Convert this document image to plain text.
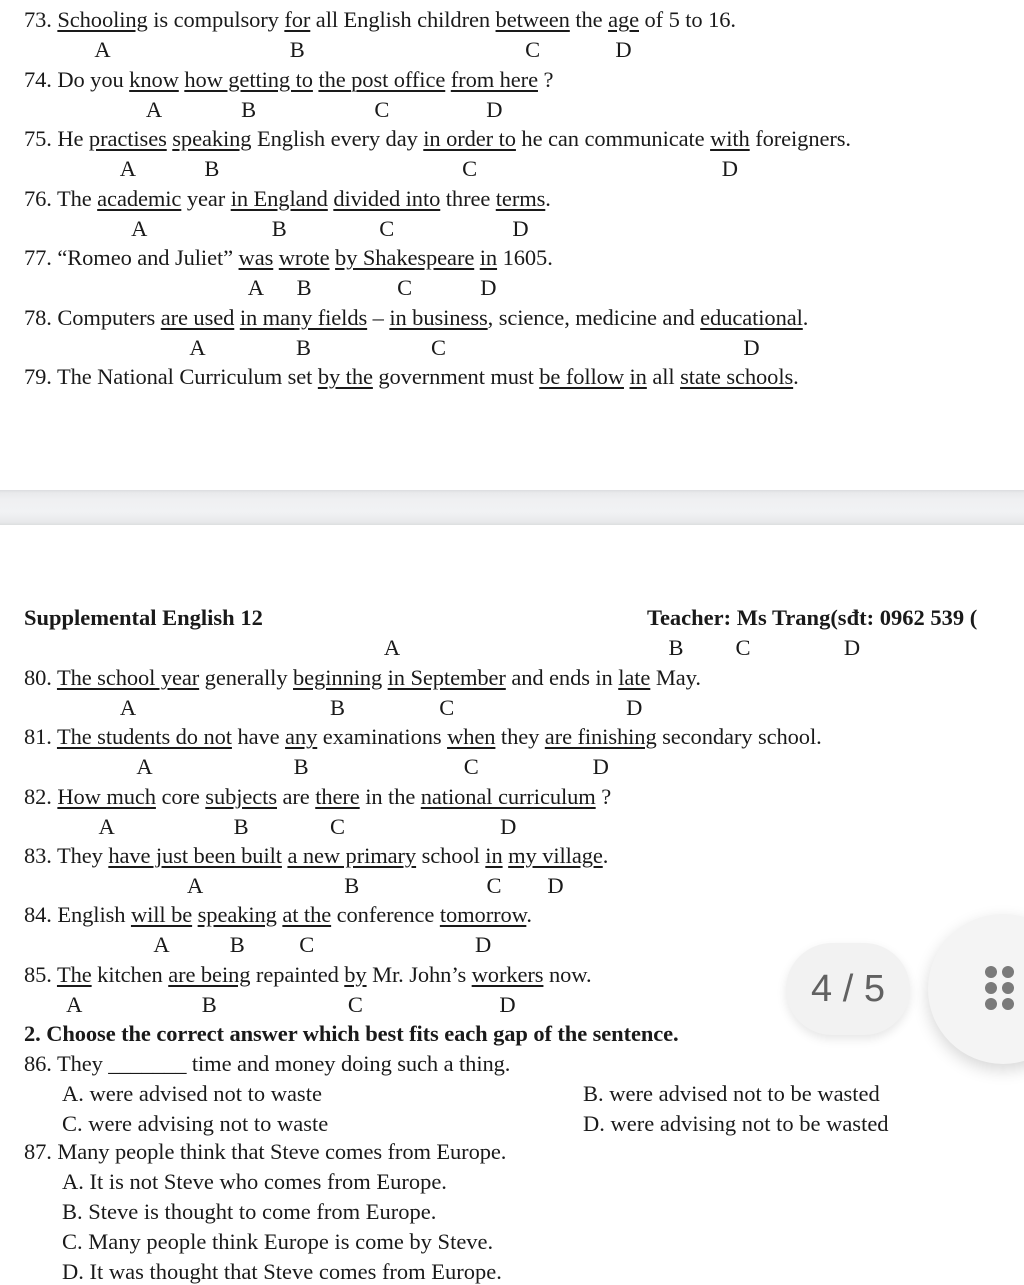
73. Schooling is compulsory for all English children between the age of 5 to 16.
A	B	C	D
74. Do you know how getting to the post office from here ?
A	B	C	D
75. He practises speaking English every day in order to he can communicate with foreigners.
A	B	C	D
76. The academic year in England divided into three terms.
A	B	C	D
77. “Romeo and Juliet” was wrote by Shakespeare in 1605.
A B	C	D
78. Computers are used in many fields – in business, science, medicine and educational.
A	B	C	D
79. The National Curriculum set by the government must be follow in all state schools.
Supplemental English 12	Teacher: Ms Trang(sđt: 0962 539 (
A	B C	D
2. Choose the correct answer which best fits each gap of the sentence.
86. They _______ time and money doing such a thing.
A. were advised not to waste	B. were advised not to be wasted
C. were advising not to waste	D. were advising not to be wasted
87. Many people think that Steve comes from Europe.
A. It is not Steve who comes from Europe.
B. Steve is thought to come from Europe.
C. Many people think Europe is come by Steve.
D. It was thought that Steve comes from Europe.
80. The school year generally beginning in September and ends in late May.
A	B	C	D
81. The students do not have any examinations when they are finishing secondary school.
A	B	C	D
82. How much core subjects are there in the national curriculum ?
A	B	C	D
83. They have just been built a new primary school in my village.
A	B	C D
84. English will be speaking at the conference tomorrow.
A	B C	D
85. The kitchen are being repainted by Mr. John’s workers now.
A	B	C	D	4 / 5
